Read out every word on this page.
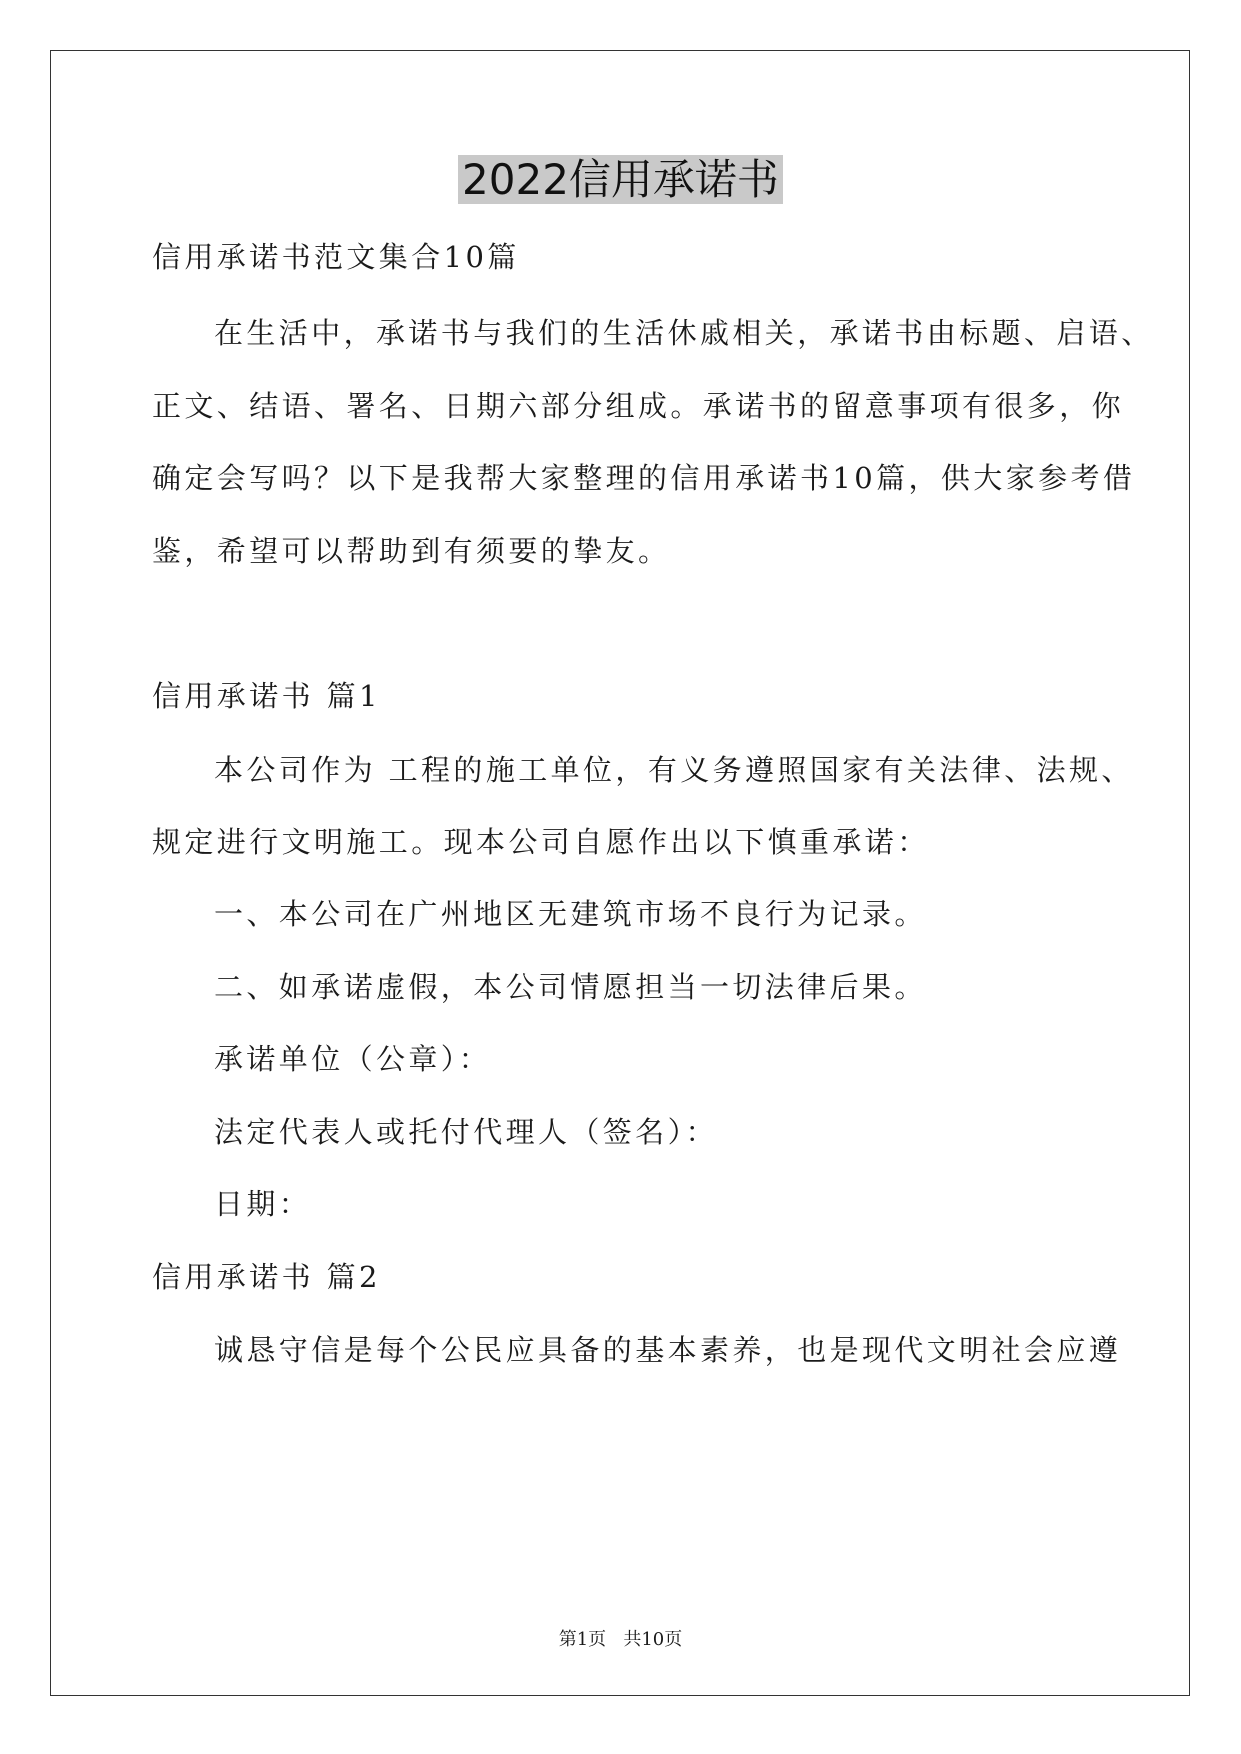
2022信用承诺书
信用承诺书范文集合10篇
在生活中，承诺书与我们的生活休戚相关，承诺书由标题、启语、
正文、结语、署名、日期六部分组成。承诺书的留意事项有很多，你
确定会写吗？以下是我帮大家整理的信用承诺书10篇，供大家参考借
鉴，希望可以帮助到有须要的挚友。
信用承诺书 篇1
本公司作为 工程的施工单位，有义务遵照国家有关法律、法规、
规定进行文明施工。现本公司自愿作出以下慎重承诺：
一、本公司在广州地区无建筑市场不良行为记录。
二、如承诺虚假，本公司情愿担当一切法律后果。
承诺单位（公章）：
法定代表人或托付代理人（签名）：
日期：
信用承诺书 篇2
诚恳守信是每个公民应具备的基本素养，也是现代文明社会应遵
第1页   共10页
